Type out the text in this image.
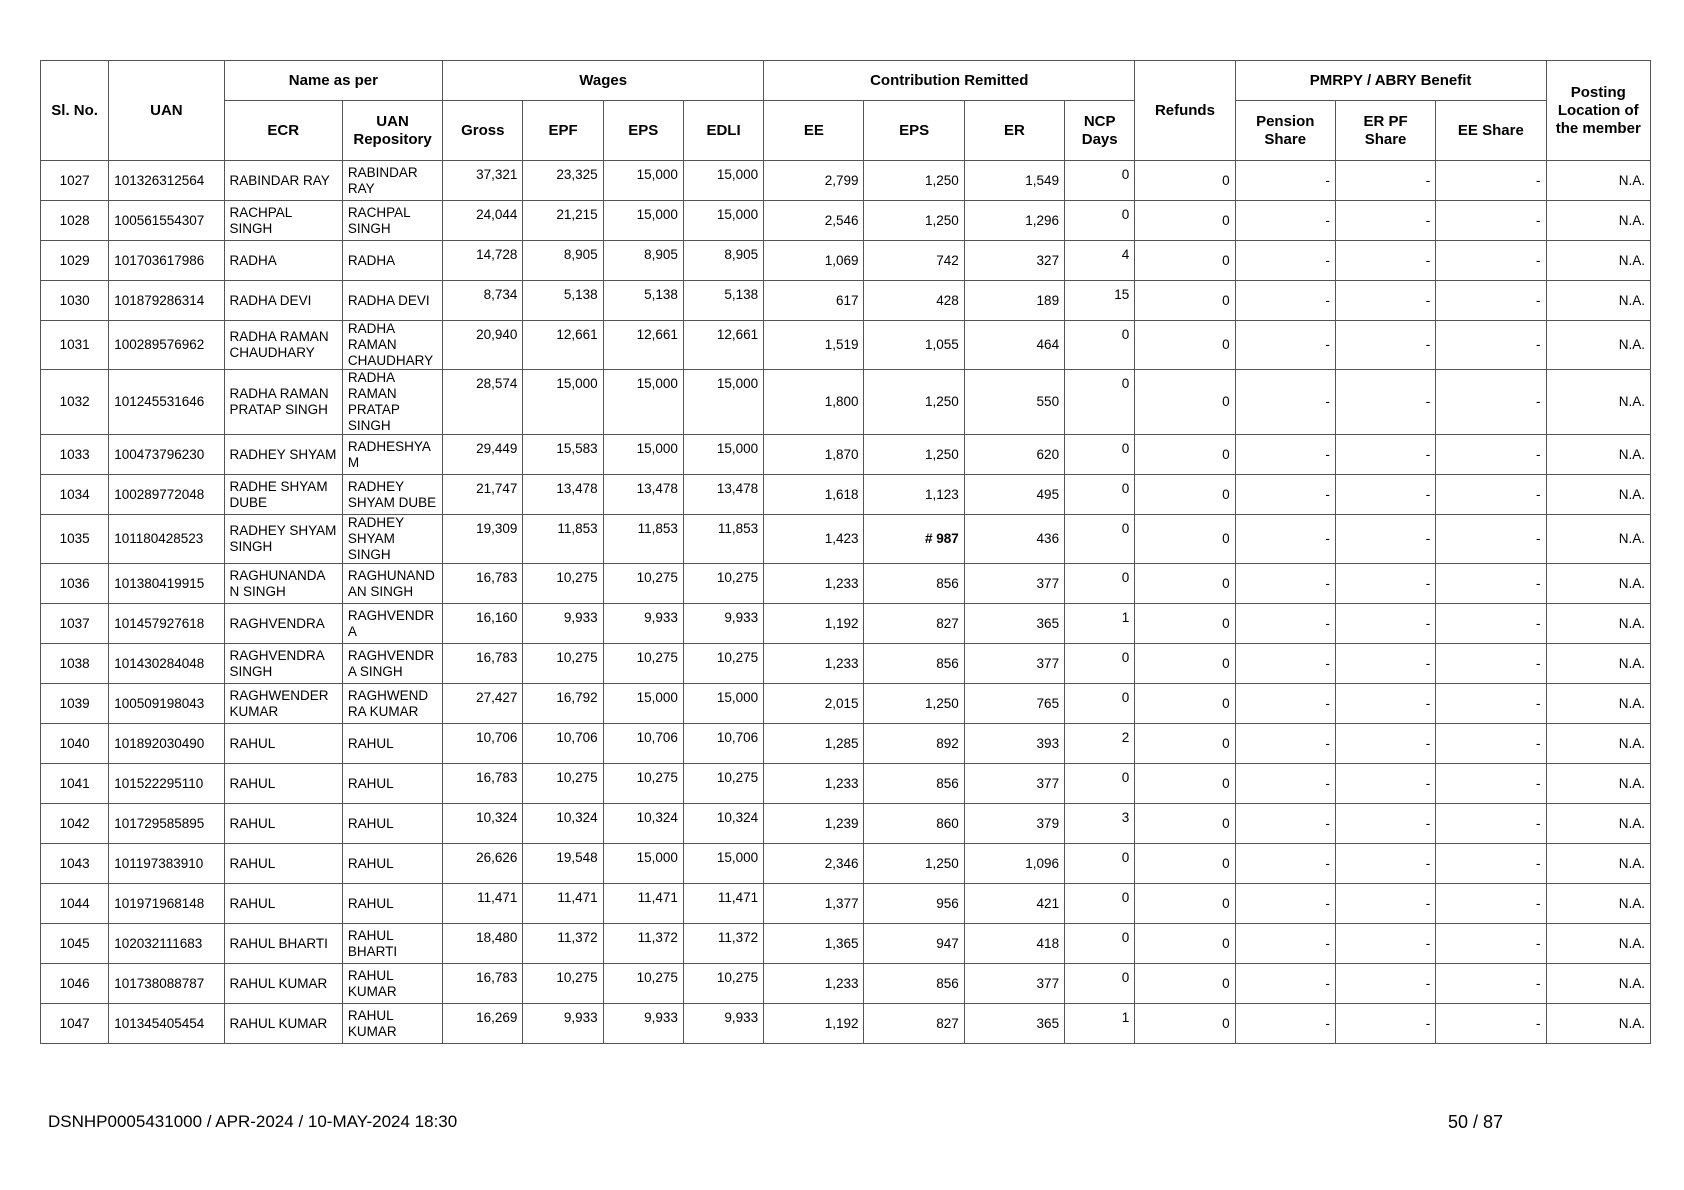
Sl. No.	UAN	Name as per		Wages				Contribution Remitted				Refunds	PMRPY / ABRY Benefit			Posting Location of the member
		ECR	UAN Repository	Gross	EPF	EPS	EDLI	EE	EPS	ER	NCP Days		Pension Share	ER PF Share	EE Share	
1027	101326312564	RABINDAR RAY	RABINDAR RAY	37,321	23,325	15,000	15,000	2,799	1,250	1,549	0	0	-	-	-	N.A.
1028	100561554307	RACHPAL SINGH	RACHPAL SINGH	24,044	21,215	15,000	15,000	2,546	1,250	1,296	0	0	-	-	-	N.A.
1029	101703617986	RADHA	RADHA	14,728	8,905	8,905	8,905	1,069	742	327	4	0	-	-	-	N.A.
1030	101879286314	RADHA DEVI	RADHA DEVI	8,734	5,138	5,138	5,138	617	428	189	15	0	-	-	-	N.A.
1031	100289576962	RADHA RAMAN CHAUDHARY	RADHA RAMAN CHAUDHARY	20,940	12,661	12,661	12,661	1,519	1,055	464	0	0	-	-	-	N.A.
1032	101245531646	RADHA RAMAN PRATAP SINGH	RADHA RAMAN PRATAP SINGH	28,574	15,000	15,000	15,000	1,800	1,250	550	0	0	-	-	-	N.A.
1033	100473796230	RADHEY SHYAM	RADHESHYA M	29,449	15,583	15,000	15,000	1,870	1,250	620	0	0	-	-	-	N.A.
1034	100289772048	RADHE SHYAM DUBE	RADHEY SHYAM DUBE	21,747	13,478	13,478	13,478	1,618	1,123	495	0	0	-	-	-	N.A.
1035	101180428523	RADHEY SHYAM SINGH	RADHEY SHYAM SINGH	19,309	11,853	11,853	11,853	1,423	# 987	436	0	0	-	-	-	N.A.
1036	101380419915	RAGHUNANDA N SINGH	RAGHUNAND AN SINGH	16,783	10,275	10,275	10,275	1,233	856	377	0	0	-	-	-	N.A.
1037	101457927618	RAGHVENDRA	RAGHVENDR A	16,160	9,933	9,933	9,933	1,192	827	365	1	0	-	-	-	N.A.
1038	101430284048	RAGHVENDRA SINGH	RAGHVENDR A SINGH	16,783	10,275	10,275	10,275	1,233	856	377	0	0	-	-	-	N.A.
1039	100509198043	RAGHWENDER KUMAR	RAGHWEND RA KUMAR	27,427	16,792	15,000	15,000	2,015	1,250	765	0	0	-	-	-	N.A.
1040	101892030490	RAHUL	RAHUL	10,706	10,706	10,706	10,706	1,285	892	393	2	0	-	-	-	N.A.
1041	101522295110	RAHUL	RAHUL	16,783	10,275	10,275	10,275	1,233	856	377	0	0	-	-	-	N.A.
1042	101729585895	RAHUL	RAHUL	10,324	10,324	10,324	10,324	1,239	860	379	3	0	-	-	-	N.A.
1043	101197383910	RAHUL	RAHUL	26,626	19,548	15,000	15,000	2,346	1,250	1,096	0	0	-	-	-	N.A.
1044	101971968148	RAHUL	RAHUL	11,471	11,471	11,471	11,471	1,377	956	421	0	0	-	-	-	N.A.
1045	102032111683	RAHUL BHARTI	RAHUL BHARTI	18,480	11,372	11,372	11,372	1,365	947	418	0	0	-	-	-	N.A.
1046	101738088787	RAHUL KUMAR	RAHUL KUMAR	16,783	10,275	10,275	10,275	1,233	856	377	0	0	-	-	-	N.A.
1047	101345405454	RAHUL KUMAR	RAHUL KUMAR	16,269	9,933	9,933	9,933	1,192	827	365	1	0	-	-	-	N.A.
DSNHP0005431000 / APR-2024 / 10-MAY-2024 18:30	50 / 87
